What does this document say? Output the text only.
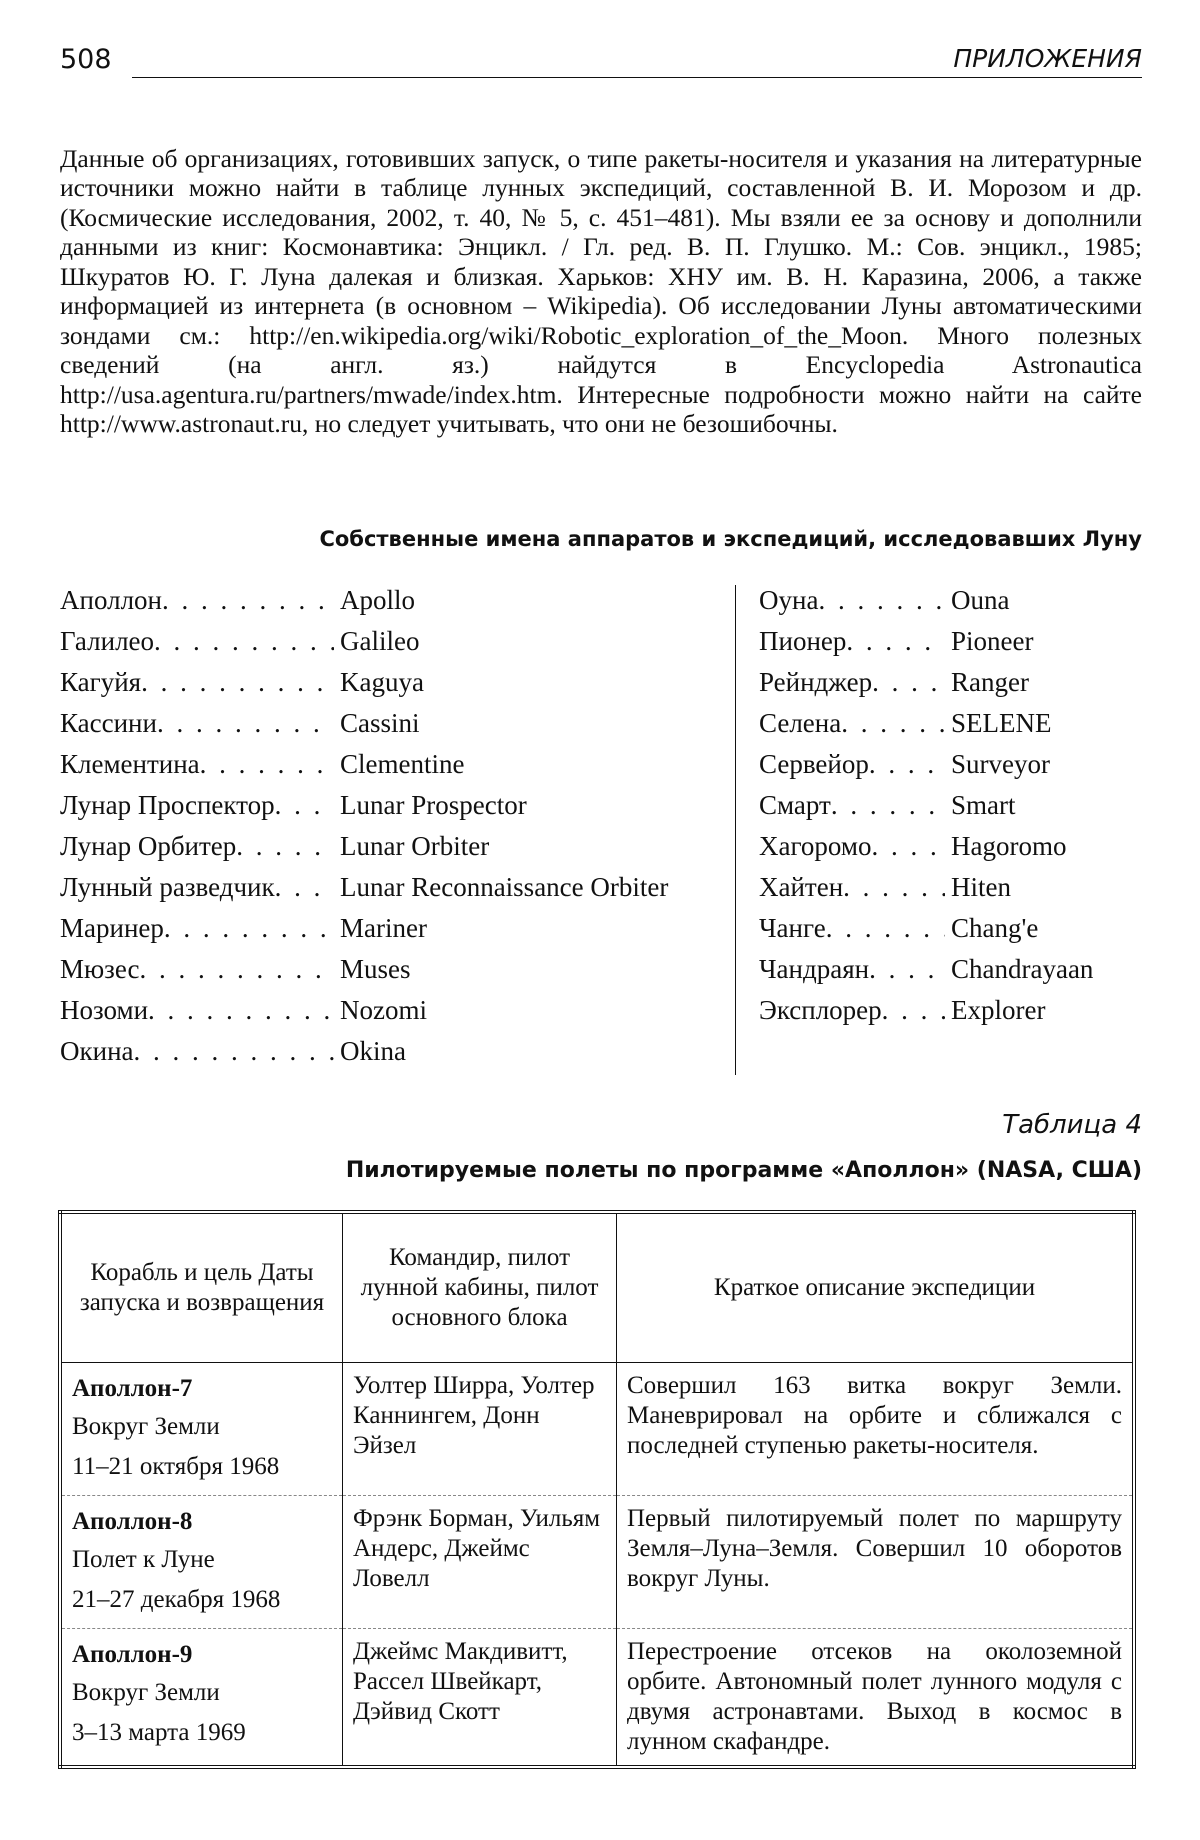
508	ПРИЛОЖЕНИЯ

Данные об организациях, готовивших запуск, о типе ракеты-носителя и указания на литературные источники можно найти в таблице лунных экспедиций, составленной В. И. Морозом и др. (Космические исследования, 2002, т. 40, № 5, с. 451–481). Мы взяли ее за основу и дополнили данными из книг: Космонавтика: Энцикл. / Гл. ред. В. П. Глушко. М.: Сов. энцикл., 1985; Шкуратов Ю. Г. Луна далекая и близкая. Харьков: ХНУ им. В. Н. Каразина, 2006, а также информацией из интернета (в основном – Wikipedia). Об исследовании Луны автоматическими зондами см.: http://en.wikipedia.org/wiki/Robotic_exploration_of_the_Moon. Много полезных сведений (на англ. яз.) найдутся в Encyclopedia Astronautica http://usa.agentura.ru/partners/mwade/index.htm. Интересные подробности можно найти на сайте http://www.astronaut.ru, но следует учитывать, что они не безошибочны.

Собственные имена аппаратов и экспедиций, исследовавших Луну
Аполлон . . .	Apollo
Галилео . . .	Galileo
Кагуйя . . .	Kaguya
Кассини . . .	Cassini
Клементина . . .	Clementine
Лунар Проспектор . . . Lunar Prospector
Лунар Орбитер . . .	Lunar Orbiter
Лунный разведчик . . . Lunar Reconnaissance Orbiter
Маринер . . .	Mariner
Мюзес . . .	Muses
Нозоми . . .	Nozomi
Окина . . .	Okina
Оуна . . .	Ouna
Пионер . . .	Pioneer
Рейнджер . . .	Ranger
Селена . . .	SELENE
Сервейор . . .	Surveyor
Смарт . . .	Smart
Хагоромо . . .	Hagoromo
Хайтен . . .	Hiten
Чанге . . .	Chang'e
Чандраян . . .	Chandrayaan
Эксплорер . . .	Explorer
Таблица 4
Пилотируемые полеты по программе «Аполлон» (NASA, США)
Корабль и цель Даты запуска и возвращения	Командир, пилот лунной кабины, пилот основного блока	Краткое описание экспедиции

Аполлон-7
Вокруг Земли
11–21 октября 1968	Уолтер Ширра, Уолтер Каннингем, Донн Эйзел	Совершил 163 витка вокруг Земли. Маневрировал на орбите и сближался с последней ступенью ракеты-носителя.

Аполлон-8
Полет к Луне
21–27 декабря 1968	Фрэнк Борман, Уильям Андерс, Джеймс Ловелл	Первый пилотируемый полет по маршруту Земля–Луна–Земля. Совершил 10 оборотов вокруг Луны.

Аполлон-9
Вокруг Земли
3–13 марта 1969	Джеймс Макдивитт, Рассел Швейкарт, Дэйвид Скотт	Перестроение отсеков на околоземной орбите. Автономный полет лунного модуля с двумя астронавтами. Выход в космос в лунном скафандре.
